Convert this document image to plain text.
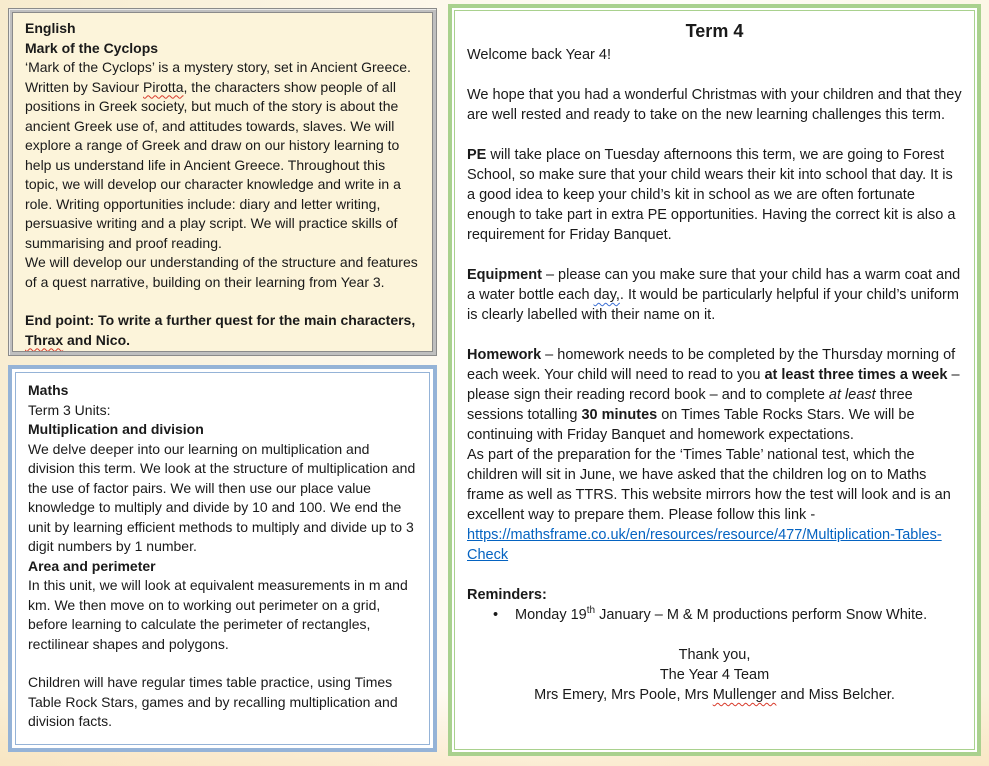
English

Mark of the Cyclops

‘Mark of the Cyclops’ is a mystery story, set in Ancient Greece. Written by Saviour Pirotta, the characters show people of all positions in Greek society, but much of the story is about the ancient Greek use of, and attitudes towards, slaves. We will explore a range of Greek and draw on our history learning to help us understand life in Ancient Greece. Throughout this topic, we will develop our character knowledge and write in a role. Writing opportunities include: diary and letter writing, persuasive writing and a play script. We will practice skills of summarising and proof reading.

We will develop our understanding of the structure and features of a quest narrative, building on their learning from Year 3.

End point: To write a further quest for the main characters, Thrax and Nico.

Maths

Term 3 Units:

Multiplication and division

We delve deeper into our learning on multiplication and division this term. We look at the structure of multiplication and the use of factor pairs. We will then use our place value knowledge to multiply and divide by 10 and 100. We end the unit by learning efficient methods to multiply and divide up to 3 digit numbers by 1 number.

Area and perimeter

In this unit, we will look at equivalent measurements in m and km. We then move on to working out perimeter on a grid, before learning to calculate the perimeter of rectangles, rectilinear shapes and polygons.

Children will have regular times table practice, using Times Table Rock Stars, games and by recalling multiplication and division facts.

Term 4

Welcome back Year 4!

We hope that you had a wonderful Christmas with your children and that they are well rested and ready to take on the new learning challenges this term.

PE will take place on Tuesday afternoons this term, we are going to Forest School, so make sure that your child wears their kit into school that day. It is a good idea to keep your child’s kit in school as we are often fortunate enough to take part in extra PE opportunities. Having the correct kit is also a requirement for Friday Banquet.

Equipment – please can you make sure that your child has a warm coat and a water bottle each day,. It would be particularly helpful if your child’s uniform is clearly labelled with their name on it.

Homework – homework needs to be completed by the Thursday morning of each week. Your child will need to read to you at least three times a week – please sign their reading record book – and to complete at least three sessions totalling 30 minutes on Times Table Rocks Stars. We will be continuing with Friday Banquet and homework expectations.

As part of the preparation for the ‘Times Table’ national test, which the children will sit in June, we have asked that the children log on to Maths frame as well as TTRS. This website mirrors how the test will look and is an excellent way to prepare them. Please follow this link - https://mathsframe.co.uk/en/resources/resource/477/Multiplication-Tables-Check

Reminders:

•	Monday 19th January – M & M productions perform Snow White.

Thank you,

The Year 4 Team

Mrs Emery, Mrs Poole, Mrs Mullenger and Miss Belcher.
